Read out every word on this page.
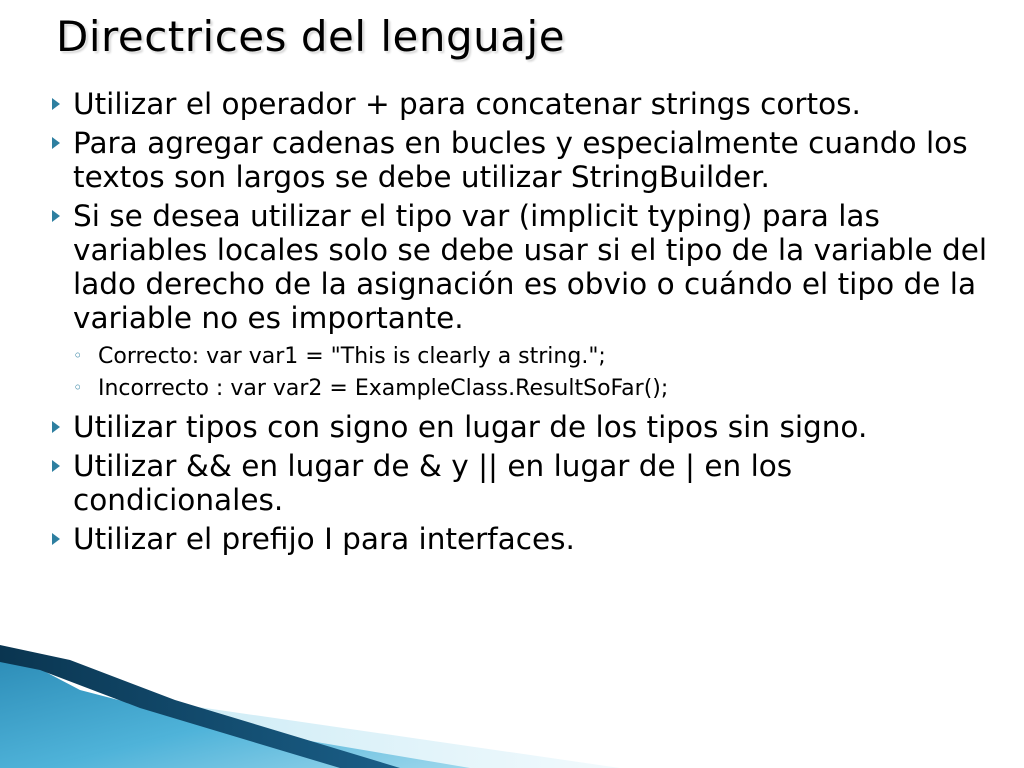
Directrices del lenguaje
Utilizar el operador + para concatenar strings cortos.
Para agregar cadenas en bucles y especialmente cuando los textos son largos se debe utilizar StringBuilder.
Si se desea utilizar el tipo var (implicit typing) para las variables locales solo se debe usar si el tipo de la variable del lado derecho de la asignación es obvio o cuándo el tipo de la variable no es importante.
◦ Correcto: var var1 = "This is clearly a string.";
◦ Incorrecto : var var2 = ExampleClass.ResultSoFar();
Utilizar tipos con signo en lugar de los tipos sin signo.
Utilizar && en lugar de & y || en lugar de | en los condicionales.
Utilizar el prefijo I para interfaces.
